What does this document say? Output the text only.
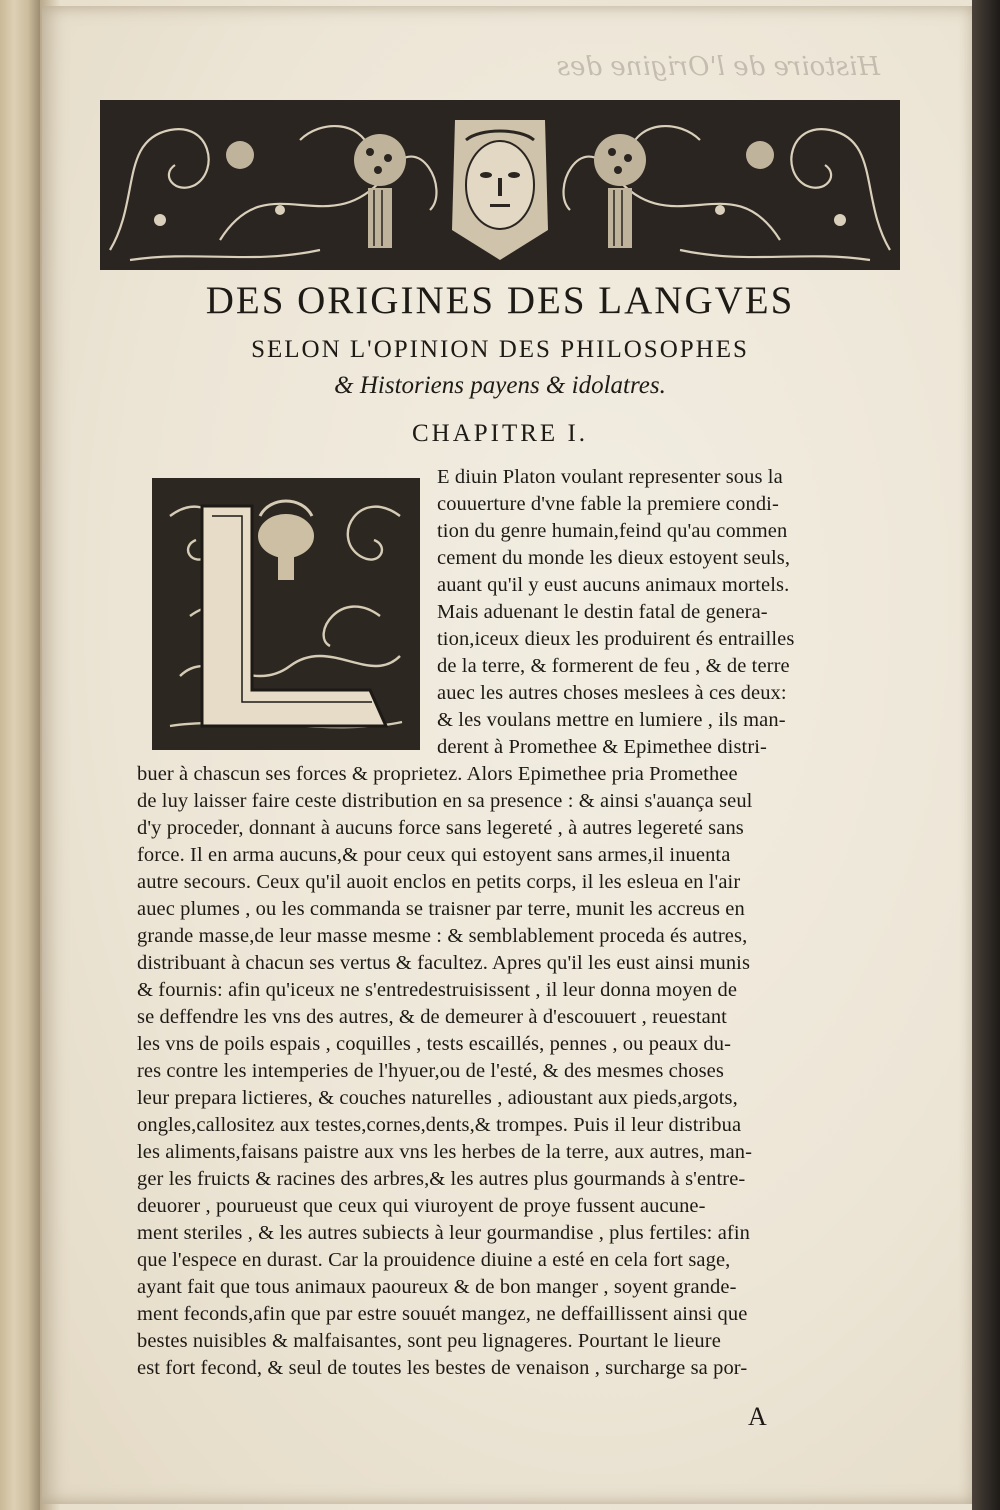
Histoire de l'Origine des
DES ORIGINES DES LANGVES
SELON L'OPINION DES PHILOSOPHES
& Historiens payens & idolatres.
CHAPITRE I.
E diuin Platon voulant representer sous la
couuerture d'vne fable la premiere condi-
tion du genre humain,feind qu'au commen
cement du monde les dieux estoyent seuls,
auant qu'il y eust aucuns animaux mortels.
Mais aduenant le destin fatal de genera-
tion,iceux dieux les produirent és entrailles
de la terre, & formerent de feu , & de terre
auec les autres choses meslees à ces deux:
& les voulans mettre en lumiere , ils man-
derent à Promethee & Epimethee distri-
buer à chascun ses forces & proprietez. Alors Epimethee pria Promethee
de luy laisser faire ceste distribution en sa presence : & ainsi s'auança seul
d'y proceder, donnant à aucuns force sans legereté , à autres legereté sans
force. Il en arma aucuns,& pour ceux qui estoyent sans armes,il inuenta
autre secours. Ceux qu'il auoit enclos en petits corps, il les esleua en l'air
auec plumes , ou les commanda se traisner par terre, munit les accreus en
grande masse,de leur masse mesme : & semblablement proceda és autres,
distribuant à chacun ses vertus & facultez. Apres qu'il les eust ainsi munis
& fournis: afin qu'iceux ne s'entredestruisissent , il leur donna moyen de
se deffendre les vns des autres, & de demeurer à d'escouuert , reuestant
les vns de poils espais , coquilles , tests escaillés, pennes , ou peaux du-
res contre les intemperies de l'hyuer,ou de l'esté, & des mesmes choses
leur prepara lictieres, & couches naturelles , adioustant aux pieds,argots,
ongles,callositez aux testes,cornes,dents,& trompes. Puis il leur distribua
les aliments,faisans paistre aux vns les herbes de la terre, aux autres, man-
ger les fruicts & racines des arbres,& les autres plus gourmands à s'entre-
deuorer , pourueust que ceux qui viuroyent de proye fussent aucune-
ment steriles , & les autres subiects à leur gourmandise , plus fertiles: afin
que l'espece en durast. Car la prouidence diuine a esté en cela fort sage,
ayant fait que tous animaux paoureux & de bon manger , soyent grande-
ment feconds,afin que par estre souuét mangez, ne deffaillissent ainsi que
bestes nuisibles & malfaisantes, sont peu lignageres. Pourtant le lieure
est fort fecond, & seul de toutes les bestes de venaison , surcharge sa por-
A
